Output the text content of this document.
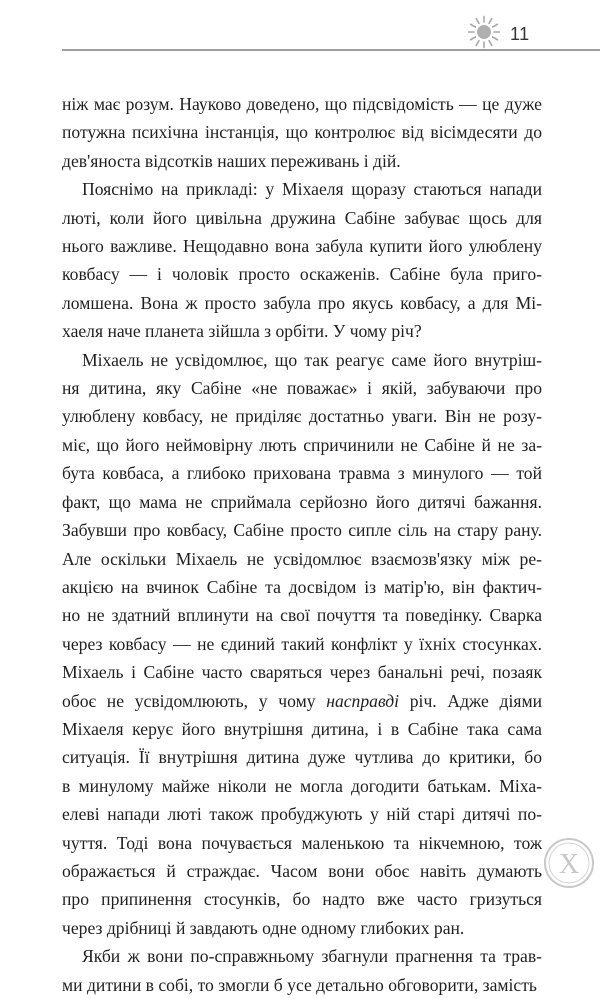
11
ніж має розум. Науково доведено, що підсвідомість — це дуже
потужна психічна інстанція, що контролює від вісімдесяти до
дев'яноста відсотків наших переживань і дій.
Пояснімо на прикладі: у Міхаеля щоразу стаються напади
люті, коли його цивільна дружина Сабіне забуває щось для
нього важливе. Нещодавно вона забула купити його улюблену
ковбасу — і чоловік просто оскаженів. Сабіне була приго-
ломшена. Вона ж просто забула про якусь ковбасу, а для Мі-
хаеля наче планета зійшла з орбіти. У чому річ?
Міхаель не усвідомлює, що так реагує саме його внутріш-
ня дитина, яку Сабіне «не поважає» і якій, забуваючи про
улюблену ковбасу, не приділяє достатньо уваги. Він не розу-
міє, що його неймовірну лють спричинили не Сабіне й не за-
бута ковбаса, а глибоко прихована травма з минулого — той
факт, що мама не сприймала серйозно його дитячі бажання.
Забувши про ковбасу, Сабіне просто сипле сіль на стару рану.
Але оскільки Міхаель не усвідомлює взаємозв'язку між ре-
акцією на вчинок Сабіне та досвідом із матір'ю, він фактич-
но не здатний вплинути на свої почуття та поведінку. Сварка
через ковбасу — не єдиний такий конфлікт у їхніх стосунках.
Міхаель і Сабіне часто сваряться через банальні речі, позаяк
обоє не усвідомлюють, у чому насправді річ. Адже діями
Міхаеля керує його внутрішня дитина, і в Сабіне така сама
ситуація. Її внутрішня дитина дуже чутлива до критики, бо
в минулому майже ніколи не могла догодити батькам. Міха-
елеві напади люті також пробуджують у ній старі дитячі по-
чуття. Тоді вона почувається маленькою та нікчемною, тож
ображається й страждає. Часом вони обоє навіть думають
про припинення стосунків, бо надто вже часто гризуться
через дрібниці й завдають одне одному глибоких ран.
Якби ж вони по-справжньому збагнули прагнення та трав-
ми дитини в собі, то змогли б усе детально обговорити, замість
Х
